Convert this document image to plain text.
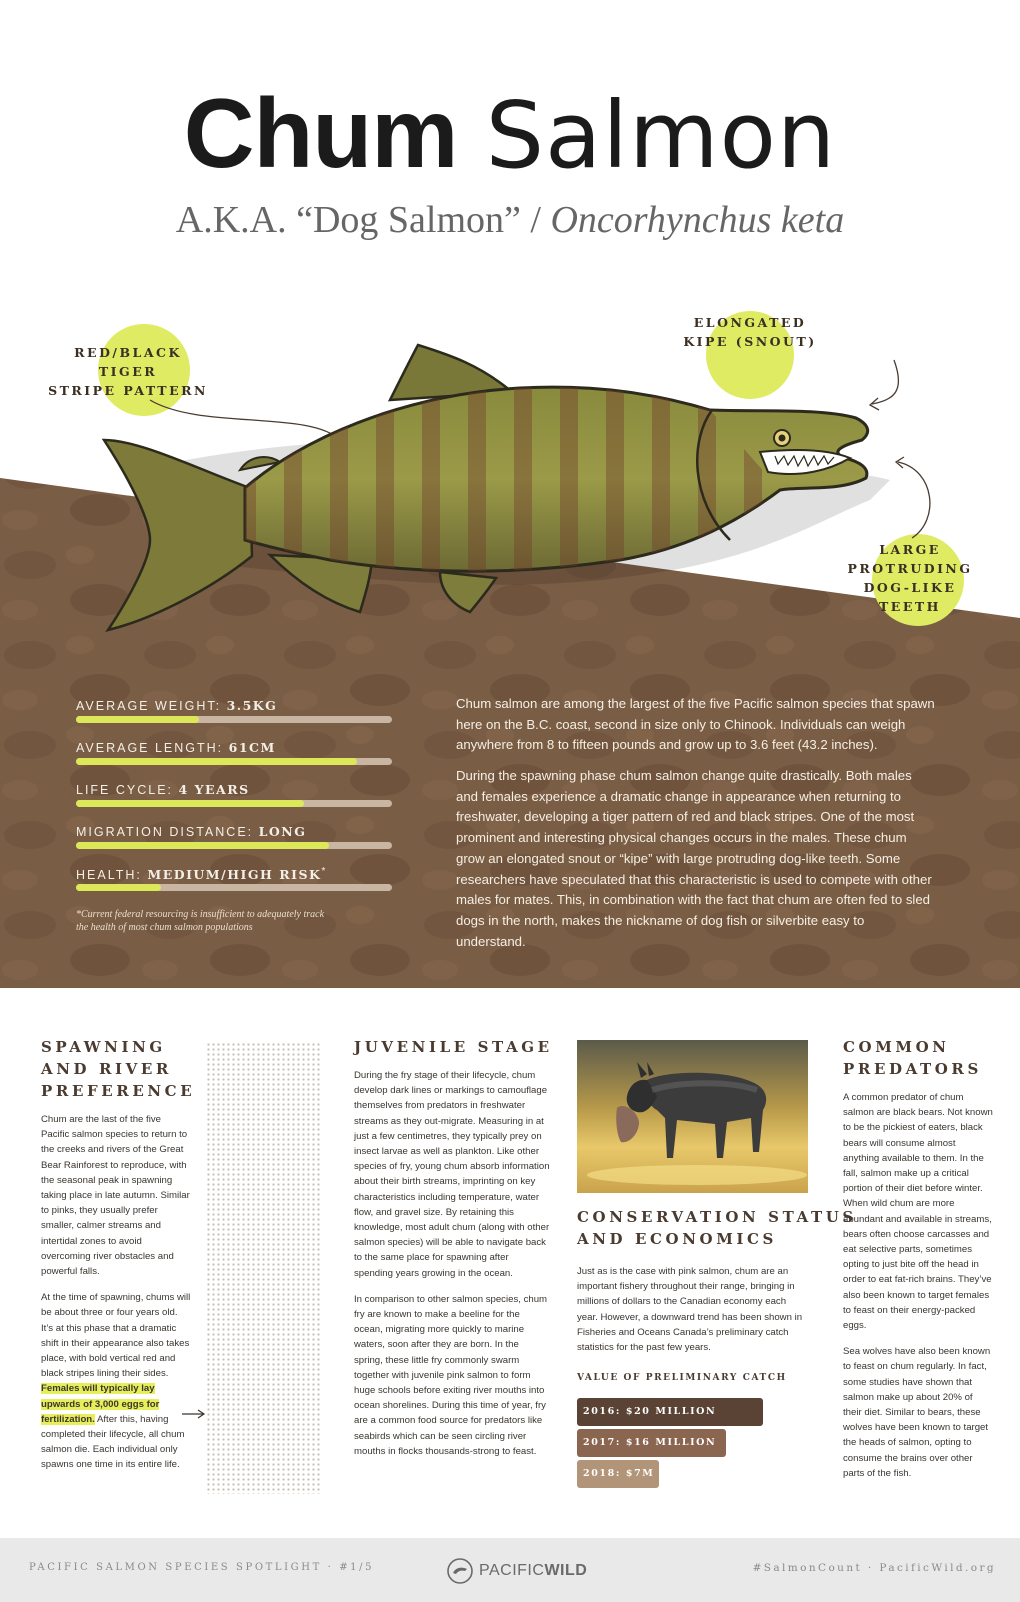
Chum Salmon
A.K.A. “Dog Salmon” / Oncorhynchus keta
RED/BLACK TIGER
STRIPE PATTERN
ELONGATED
KIPE (SNOUT)
LARGE PROTRUDING
DOG-LIKE TEETH
AVERAGE WEIGHT: 3.5KG
AVERAGE LENGTH: 61CM
LIFE CYCLE: 4 YEARS
MIGRATION DISTANCE: LONG
HEALTH: MEDIUM/HIGH RISK*
*Current federal resourcing is insufficient to adequately track the health of most chum salmon populations
Chum salmon are among the largest of the five Pacific salmon species that spawn here on the B.C. coast, second in size only to Chinook. Individuals can weigh anywhere from 8 to fifteen pounds and grow up to 3.6 feet (43.2 inches).
During the spawning phase chum salmon change quite drastically. Both males and females experience a dramatic change in appearance when returning to freshwater, developing a tiger pattern of red and black stripes. One of the most prominent and interesting physical changes occurs in the males. These chum grow an elongated snout or “kipe” with large protruding dog-like teeth. Some researchers have speculated that this characteristic is used to compete with other males for mates. This, in combination with the fact that chum are often fed to sled dogs in the north, makes the nickname of dog fish or silverbite easy to understand.
SPAWNING
AND RIVER
PREFERENCE

Chum are the last of the five Pacific salmon species to return to the creeks and rivers of the Great Bear Rainforest to reproduce, with the seasonal peak in spawning taking place in late autumn. Similar to pinks, they usually prefer smaller, calmer streams and intertidal zones to avoid overcoming river obstacles and powerful falls.

At the time of spawning, chums will be about three or four years old. It’s at this phase that a dramatic shift in their appearance also takes place, with bold vertical red and black stripes lining their sides. Females will typically lay upwards of 3,000 eggs for fertilization. After this, having completed their lifecycle, all chum salmon die. Each individual only spawns one time in its entire life.

JUVENILE STAGE

During the fry stage of their lifecycle, chum develop dark lines or markings to camouflage themselves from predators in freshwater streams as they out-migrate. Measuring in at just a few centimetres, they typically prey on insect larvae as well as plankton. Like other species of fry, young chum absorb information about their birth streams, imprinting on key characteristics including temperature, water flow, and gravel size. By retaining this knowledge, most adult chum (along with other salmon species) will be able to navigate back to the same place for spawning after spending years growing in the ocean.

In comparison to other salmon species, chum fry are known to make a beeline for the ocean, migrating more quickly to marine waters, soon after they are born. In the spring, these little fry commonly swarm together with juvenile pink salmon to form huge schools before exiting river mouths into ocean shorelines. During this time of year, fry are a common food source for predators like seabirds which can be seen circling river mouths in flocks thousands-strong to feast.

CONSERVATION STATUS
AND ECONOMICS
Just as is the case with pink salmon, chum are an important fishery throughout their range, bringing in millions of dollars to the Canadian economy each year. However, a downward trend has been shown in Fisheries and Oceans Canada’s preliminary catch statistics for the past few years.
VALUE OF PRELIMINARY CATCH
2016: $20 MILLION
2017: $16 MILLION
2018: $7M
COMMON
PREDATORS

A common predator of chum salmon are black bears. Not known to be the pickiest of eaters, black bears will consume almost anything available to them. In the fall, salmon make up a critical portion of their diet before winter. When wild chum are more abundant and available in streams, bears often choose carcasses and eat selective parts, sometimes opting to just bite off the head in order to eat fat-rich brains. They’ve also been known to target females to feast on their energy-packed eggs.

Sea wolves have also been known to feast on chum regularly. In fact, some studies have shown that salmon make up about 20% of their diet. Similar to bears, these wolves have been known to target the heads of salmon, opting to consume the brains over other parts of the fish.

PACIFIC SALMON SPECIES SPOTLIGHT · #1/5	PACIFICWILD	#SalmonCount · PacificWild.org
